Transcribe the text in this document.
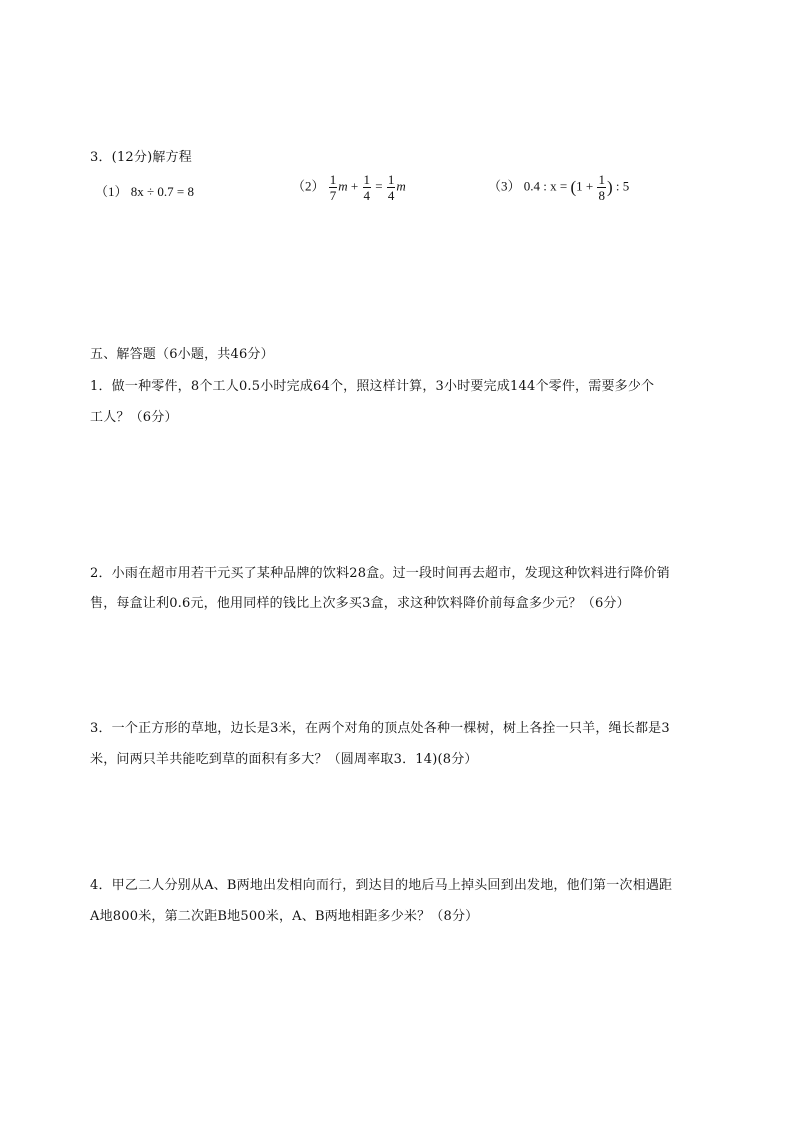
3．(12分)解方程
（1） 8x ÷ 0.7 = 8	$(2) \frac{1}{7}$ $m + \frac{1}{4} = \frac{1}{4}$ m	（3） 0.4 : $x = (1 + \frac{1}{8}$ ) : 5
五、解答题（6小题，共46分）
1．做一种零件，8个工人0.5小时完成64个，照这样计算，3小时要完成144个零件，需要多少个
工人？（6分）
2．小雨在超市用若干元买了某种品牌的饮料28盒。过一段时间再去超市，发现这种饮料进行降价销
售，每盒让利0.6元，他用同样的钱比上次多买3盒，求这种饮料降价前每盒多少元？（6分）
3．一个正方形的草地，边长是3米，在两个对角的顶点处各种一棵树，树上各拴一只羊，绳长都是3
米，问两只羊共能吃到草的面积有多大？（圆周率取3．14)(8分）
4．甲乙二人分别从A、B两地出发相向而行，到达目的地后马上掉头回到出发地，他们第一次相遇距
A地800米，第二次距B地500米，A、B两地相距多少米？（8分）
